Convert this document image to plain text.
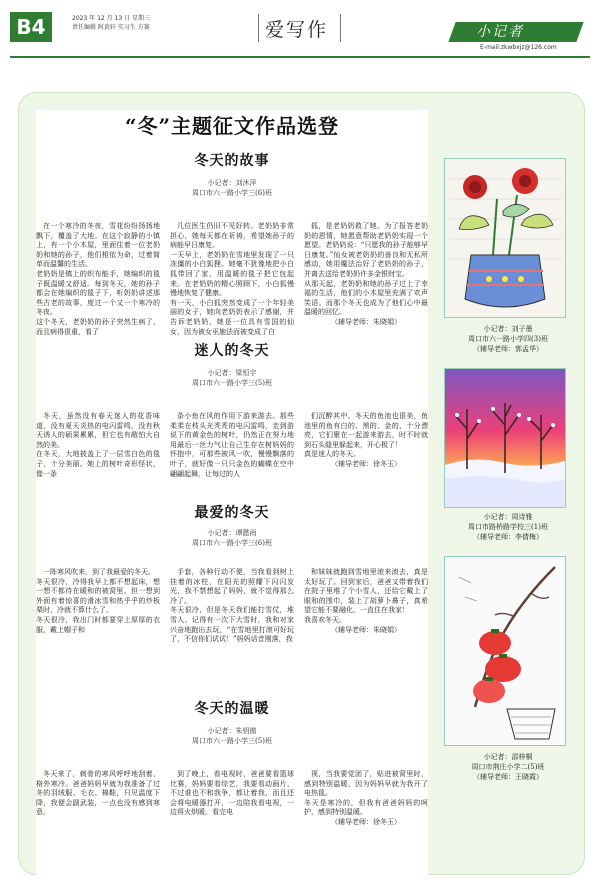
B4	2023 年 12 月 13 日 星期三
责任编辑 阿黄轩 实习生 方赛	爱写作	小记者
E-mail:zkwbxjz@126.com
“冬”主题征文作品选登
冬天的故事
小记者：刘沐萍
周口市六一路小学三(6)班
在一个寒冷的冬夜，雪花纷纷扬扬地飘下，覆盖了大地。在这个寂静的小镇上，有一个小木屋，里面住着一位老奶奶和她的孙子，他们相依为命，过着简单而温馨的生活。
老奶奶是镇上的织布能手，她编织的毯子既温暖又舒适。每到冬天，她的孙子都会在她编织的毯子下，听奶奶讲述那些古老的故事，度过一个又一个寒冷的冬夜。
这个冬天，老奶奶的孙子突然生病了，而且病得很重，看了
几位医生仍旧不见好转。老奶奶非常担心，她每天都在祈祷，希望她孙子的病能早日康复。
一天早上，老奶奶在雪地里发现了一只冻僵的小白狐狸。她毫不犹豫地把小白狐带回了家，用温暖的毯子把它包起来。在老奶奶的精心照顾下，小白狐慢慢地恢复了健康。
有一天，小白狐突然变成了一个年轻美丽的女子，她向老奶奶表示了感谢，并告诉老奶奶，她是一位具有雪国的仙女，因为被女巫施法而被变成了白
狐，是老奶奶救了她。为了报答老奶奶的恩情，她愿意帮助老奶奶实现一个愿望。老奶奶说：“只愿我的孙子能够早日康复。”仙女被老奶奶的善良和无私所感动，她用魔法治好了老奶奶的孙子，并离去送给老奶奶许多金银财宝。
从那天起，老奶奶和她的孙子过上了幸福的生活，他们的小木屋里充满了欢声笑语。而那个冬天也成为了他们心中最温暖的回忆。
（辅导老师：朱晓娟）
迷人的冬天
小记者：梁恒宇
周口市六一路小学三(5)班
冬天，虽然没有春天迷人的花香味道，没有夏天炎热的电闪雷鸣，没有秋天诱人的硕果累累，但它也有敞怕大自然的美。
在冬天，大地披盖上了一层雪白色的毯子，十分美丽。她上的树叶奇形怪状，像一条
条小鱼在风的作用下游来游去。那些柔柔在枝头光秃秃的电闪雷鸣，走到游说下的黄金色的树叶，仍然正在努力地用最后一丝力气让自己生存在树妈妈的怀抱中，可那些被风一吹，慢慢飘落的叶子，就好像一只只金色的蝴蝶在空中翩翩起舞，让每过的人
们沉醉其中。冬天的鱼池也很美，鱼池里的鱼有白的、黑的、金的、十分漂亮，它们聚在一起游来游去，时不时就到石头缝里躲起来，开心极了！
真是迷人的冬天。
（辅导老师：徐冬玉）
最爱的冬天
小记者：谭懿雨
周口市六一路小学三(6)班
一阵寒风吹来，到了我最爱的冬天。
冬天很冷，冷得我早上都不想起床，想一想不都待在暖和的被窝里。但一想到外面有着惊喜的滑冰雪和热乎乎的炒板栗时，冷就不算什么了。
冬天很冷，我出门时都要穿上厚厚的衣服，戴上帽子和
手套，各种行动不便，当我看到树上挂着的冰柱，在阳光的照耀下闪闪发光，我不禁想起了妈妈，就不觉得那么冷了。
冬天很冷，但是冬天我们能打雪仗，堆雪人。记得有一次下大雪时，我和对家兴奋地跑出去玩，“在雪地里打滚可好玩了，不信你们试试！”妈妈话音刚落，我
和妹妹就跑到雪地里滚来滚去，真是太好玩了。回到家后，爸爸又带着我们在院子里堆了个小雪人，还给它戴上了眼和的围巾，装上了胡萝卜鼻子，真希望它能不要融化，一直住在我家！
我喜欢冬天。
（辅导老师：朱晓娟）
冬天的温暖
小记者：朱钥傲
周口市六一路小学三(5)班
冬天来了，刺骨的寒风呼呼地刮着，格外寒冷。爸爸妈妈早就为我准备了过冬的羽绒服、毛衣、棉鞋，只见温度下降，我便会副武装，一点也没有感到寒意。
到了晚上，看电视时，爸爸要看篮球比赛，妈妈要看综艺，我要看动画片，不过谁也不和我争，都让着我，而且还会将电暖器打开，一边陪我看电视，一边将火烘暖。看完电
视，当我要觉团了，贴进被窝里时，感到特别温暖，因为妈妈早就为我开了电热毯。
冬天是寒冷的，但我有爸爸妈妈的呵护，感到特别温暖。
（辅导老师：徐冬玉）
小记者：刘子墨
周口市六一路小学四(3)班
（辅导老师：郭孟华）
小记者：周诗雅
周口市路桥路学校三(1)班
（辅导老师：李倩梅）
小记者：邵梓桐
周口市荆庄小学二(5)班
（辅导老师：王晓霞）
